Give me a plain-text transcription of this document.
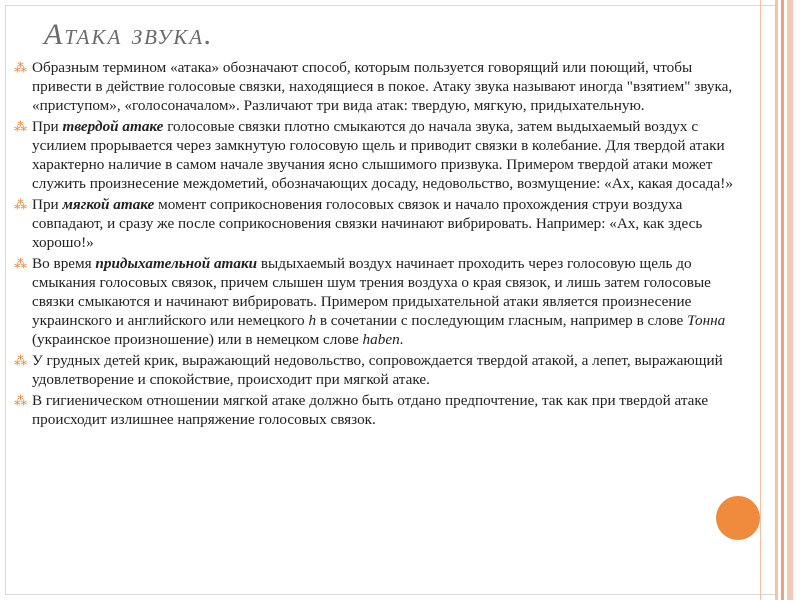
Атака звука.
⁂ Образным термином «атака» обозначают способ, которым пользуется говорящий или поющий, чтобы привести в действие голосовые связки, находящиеся в покое. Атаку звука называют иногда "взятием" звука, «приступом», «голосоначалом». Различают три вида атак: твердую, мягкую, придыхательную.
⁂ При твердой атаке голосовые связки плотно смыкаются до начала звука, затем выдыхаемый воздух с усилием прорывается через замкнутую голосовую щель и приводит связки в колебание. Для твердой атаки характерно наличие в самом начале звучания ясно слышимого призвука. Примером твердой атаки может служить произнесение междометий, обозначающих досаду, недовольство, возмущение: «Ах, какая досада!»
⁂ При мягкой атаке момент соприкосновения голосовых связок и начало прохождения струи воздуха совпадают, и сразу же после соприкосновения связки начинают вибрировать. Например: «Ах, как здесь хорошо!»
⁂ Во время придыхательной атаки выдыхаемый воздух начинает проходить через голосовую щель до смыкания голосовых связок, причем слышен шум трения воздуха о края связок, и лишь затем голосовые связки смыкаются и начинают вибрировать. Примером придыхательной атаки является произнесение украинского и английского или немецкого h в сочетании с последующим гласным, например в слове Тонна (украинское произношение) или в немецком слове haben.
⁂ У грудных детей крик, выражающий недовольство, сопровождается твердой атакой, а лепет, выражающий удовлетворение и спокойствие, происходит при мягкой атаке.
⁂ В гигиеническом отношении мягкой атаке должно быть отдано предпочтение, так как при твердой атаке происходит излишнее напряжение голосовых связок.
